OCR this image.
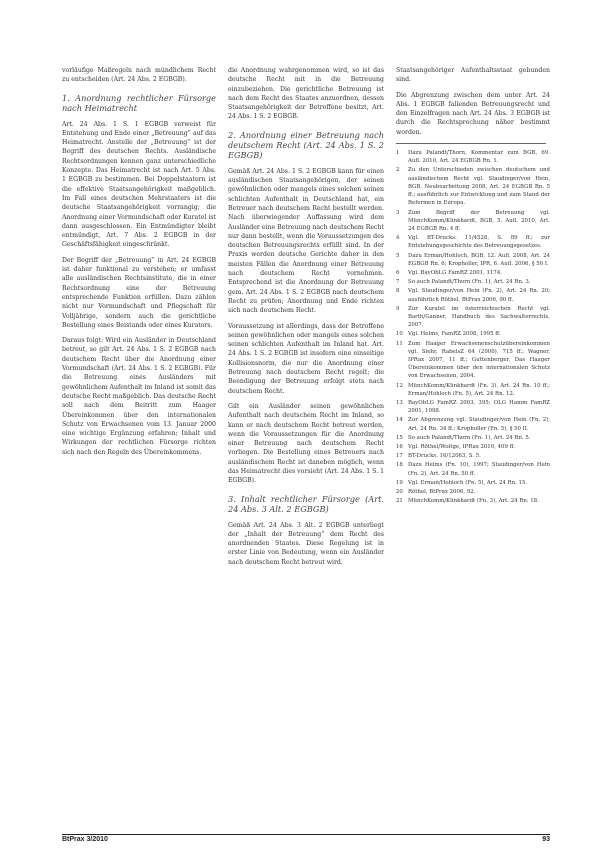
vorläufige Maßregeln nach mündlichem Recht zu entscheiden (Art. 24 Abs. 2 EGBGB).

1. Anordnung rechtlicher Fürsorge nach Heimatrecht

Art. 24 Abs. 1 S. 1 EGBGB verweist für Entstehung und Ende einer „Betreuung“ auf das Heimatrecht. Anstelle der „Betreuung“ ist der Begriff des deutschen Rechts. Ausländische Rechtsordnungen kennen ganz unterschiedliche Konzepte. Das Heimatrecht ist nach Art. 5 Abs. 1 EGBGB zu bestimmen. Bei Doppelstaatern ist die effektive Staatsangehörigkeit maßgeblich. Im Fall eines deutschen Mehrstaaters ist die deutsche Staatsangehörigkeit vorrangig; die Anordnung einer Vormundschaft oder Kuratel ist dann ausgeschlossen. Ein Entmündigter bleibt entmündigt, Art. 7 Abs. 2 EGBGB in der Geschäftsfähigkeit eingeschränkt.

Der Begriff der „Betreuung“ in Art. 24 EGBGB ist daher funktional zu verstehen; er umfasst alle ausländischen Rechtsinstitute, die in einer Rechtsordnung eine der Betreuung entsprechende Funktion erfüllen. Dazu zählen nicht nur Vormundschaft und Pflegschaft für Volljährige, sondern auch die gerichtliche Bestellung eines Beistands oder eines Kurators.

Daraus folgt: Wird ein Ausländer in Deutschland betreut, so gilt Art. 24 Abs. 1 S. 2 EGBGB nach deutschem Recht über die Anordnung einer Vormundschaft (Art. 24 Abs. 1 S. 2 EGBGB). Für die Betreuung eines Ausländers mit gewöhnlichem Aufenthalt im Inland ist somit das deutsche Recht maßgeblich. Das deutsche Recht soll nach dem Beitritt zum Haager Übereinkommen über den internationalen Schutz von Erwachsenen vom 13. Januar 2000 eine wichtige Ergänzung erfahren; Inhalt und Wirkungen der rechtlichen Fürsorge richten sich nach den Regeln des Übereinkommens.

die Anordnung wahrgenommen wird, so ist das deutsche Recht mit in die Betreuung einzubeziehen. Die gerichtliche Betreuung ist nach dem Recht des Staates anzuordnen, dessen Staatsangehörigkeit der Betroffene besitzt, Art. 24 Abs. 1 S. 2 EGBGB.

2. Anordnung einer Betreuung nach deutschem Recht (Art. 24 Abs. 1 S. 2 EGBGB)

Gemäß Art. 24 Abs. 1 S. 2 EGBGB kann für einen ausländischen Staatsangehörigen, der seinen gewöhnlichen oder mangels eines solchen seinen schlichten Aufenthalt in Deutschland hat, ein Betreuer nach deutschem Recht bestellt werden. Nach überwiegender Auffassung wird dem Ausländer eine Betreuung nach deutschem Recht nur dann bestellt, wenn die Voraussetzungen des deutschen Betreuungsrechts erfüllt sind. In der Praxis werden deutsche Gerichte daher in den meisten Fällen die Anordnung einer Betreuung nach deutschem Recht vornehmen. Entsprechend ist die Anordnung der Betreuung gem. Art. 24 Abs. 1 S. 2 EGBGB nach deutschem Recht zu prüfen; Anordnung und Ende richten sich nach deutschem Recht.

Voraussetzung ist allerdings, dass der Betroffene seinen gewöhnlichen oder mangels eines solchen seinen schlichten Aufenthalt im Inland hat. Art. 24 Abs. 1 S. 2 EGBGB ist insofern eine einseitige Kollisionsnorm, die nur die Anordnung einer Betreuung nach deutschem Recht regelt; die Beendigung der Betreuung erfolgt stets nach deutschem Recht.

Gilt ein Ausländer seinen gewöhnlichen Aufenthalt nach deutschem Recht im Inland, so kann er nach deutschem Recht betreut werden, wenn die Voraussetzungen für die Anordnung einer Betreuung nach deutschem Recht vorliegen. Die Bestellung eines Betreuers nach ausländischem Recht ist daneben möglich, wenn das Heimatrecht dies vorsieht (Art. 24 Abs. 1 S. 1 EGBGB).

3. Inhalt rechtlicher Fürsorge (Art. 24 Abs. 3 Alt. 2 EGBGB)

Gemäß Art. 24 Abs. 3 Alt. 2 EGBGB unterliegt der „Inhalt der Betreuung“ dem Recht des anordnenden Staates. Diese Regelung ist in erster Linie von Bedeutung, wenn ein Ausländer nach deutschem Recht betreut wird.

Staatsangehöriger Aufenthaltsstaat gebunden sind.

Die Abgrenzung zwischen dem unter Art. 24 Abs. 1 EGBGB fallenden Betreuungsrecht und den Einzelfragen nach Art. 24 Abs. 3 EGBGB ist durch die Rechtsprechung näher bestimmt worden.

1	Dazu Palandt/Thorn, Kommentar zum BGB, 69. Aufl. 2010, Art. 24 EGBGB Rn. 1.
2	Zu den Unterschieden zwischen deutschem und ausländischem Recht vgl. Staudinger/von Hein, BGB, Neubearbeitung 2008, Art. 24 EGBGB Rn. 5 ff.; ausführlich zur Entwicklung und zum Stand der Reformen in Europa.
3	Zum Begriff der Betreuung vgl. MünchKomm/Klinkhardt, BGB, 5. Aufl. 2010, Art. 24 EGBGB Rn. 4 ff.
4	Vgl. BT-Drucks. 11/4528, S. 89 ff.; zur Entstehungsgeschichte des Betreuungsgesetzes.
5	Dazu Erman/Hohloch, BGB, 12. Aufl. 2008, Art. 24 EGBGB Rn. 6; Kropholler, IPR, 6. Aufl. 2006, § 50 I.
6	Vgl. BayObLG FamRZ 2001, 1174.
7	So auch Palandt/Thorn (Fn. 1), Art. 24 Rn. 3.
8	Vgl. Staudinger/von Hein (Fn. 2), Art. 24 Rn. 20; ausführlich Röthel, BtPrax 2006, 90 ff.
9	Zur Kuratel im österreichischen Recht vgl. Barth/Ganner, Handbuch des Sachwalterrechts, 2007.
10 Vgl. Helms, FamRZ 2008, 1995 ff.
11 Zum Haager Erwachsenenschutzübereinkommen vgl. Siehr, RabelsZ 64 (2000), 715 ff.; Wagner, IPRax 2007, 11 ff.; Guttenberger, Das Haager Übereinkommen über den internationalen Schutz von Erwachsenen, 2004.
12 MünchKomm/Klinkhardt (Fn. 3), Art. 24 Rn. 10 ff.; Erman/Hohloch (Fn. 5), Art. 24 Rn. 12.
13 BayObLG FamRZ 2003, 395; OLG Hamm FamRZ 2001, 1098.
14 Zur Abgrenzung vgl. Staudinger/von Hein (Fn. 2), Art. 24 Rn. 34 ff.; Kropholler (Fn. 5), § 50 II.
15 So auch Palandt/Thorn (Fn. 1), Art. 24 Rn. 5.
16 Vgl. Röthel/Woitge, IPRax 2010, 409 ff.
17 BT-Drucks. 16/12063, S. 5.
18 Dazu Helms (Fn. 10), 1997; Staudinger/von Hein (Fn. 2), Art. 24 Rn. 50 ff.
19 Vgl. Erman/Hohloch (Fn. 5), Art. 24 Rn. 15.
20 Röthel, BtPrax 2006, 92.
21 MünchKomm/Klinkhardt (Fn. 3), Art. 24 Rn. 18.
BtPrax 3/2010	93
